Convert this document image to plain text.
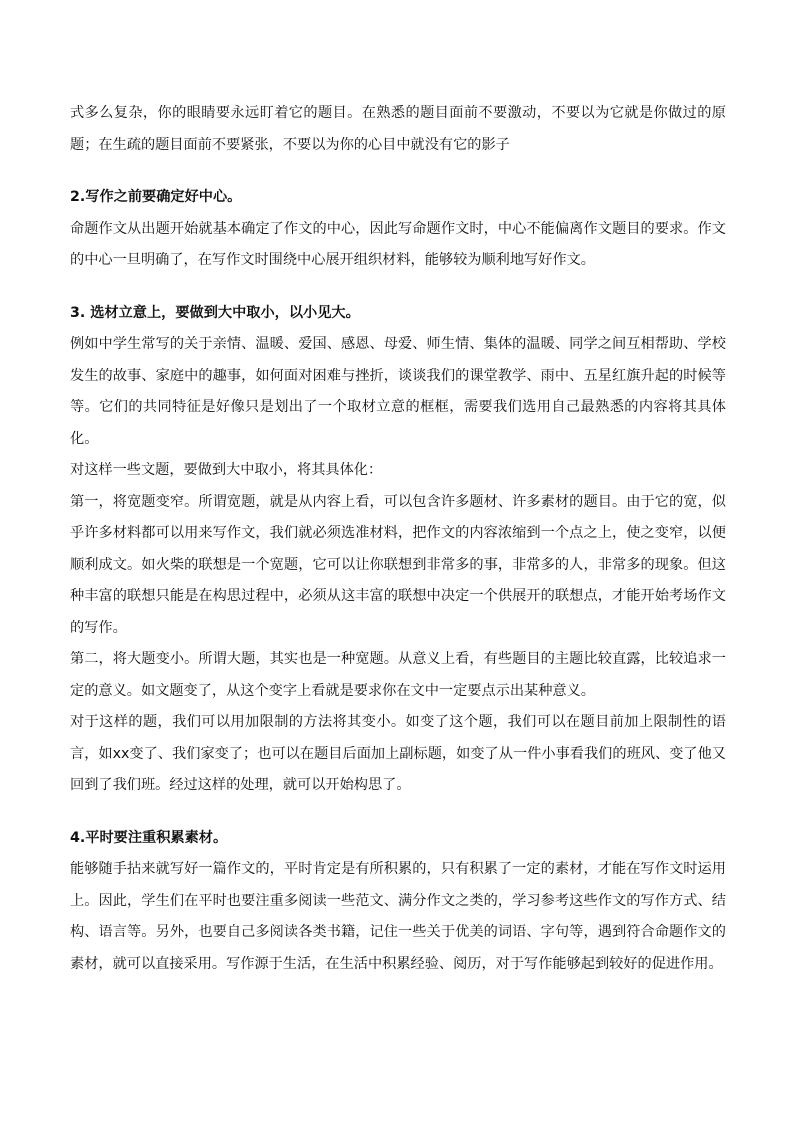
式多么复杂，你的眼睛要永远盯着它的题目。在熟悉的题目面前不要激动，不要以为它就是你做过的原题；在生疏的题目面前不要紧张，不要以为你的心目中就没有它的影子

2.写作之前要确定好中心。

命题作文从出题开始就基本确定了作文的中心，因此写命题作文时，中心不能偏离作文题目的要求。作文的中心一旦明确了，在写作文时围绕中心展开组织材料，能够较为顺利地写好作文。

3. 选材立意上，要做到大中取小，以小见大。

例如中学生常写的关于亲情、温暖、爱国、感恩、母爱、师生情、集体的温暖、同学之间互相帮助、学校发生的故事、家庭中的趣事，如何面对困难与挫折，谈谈我们的课堂教学、雨中、五星红旗升起的时候等等。它们的共同特征是好像只是划出了一个取材立意的框框，需要我们选用自己最熟悉的内容将其具体化。

对这样一些文题，要做到大中取小，将其具体化：

第一，将宽题变窄。所谓宽题，就是从内容上看，可以包含许多题材、许多素材的题目。由于它的宽，似乎许多材料都可以用来写作文，我们就必须选准材料，把作文的内容浓缩到一个点之上，使之变窄，以便顺利成文。如火柴的联想是一个宽题，它可以让你联想到非常多的事，非常多的人，非常多的现象。但这种丰富的联想只能是在构思过程中，必须从这丰富的联想中决定一个供展开的联想点，才能开始考场作文的写作。

第二，将大题变小。所谓大题，其实也是一种宽题。从意义上看，有些题目的主题比较直露，比较追求一定的意义。如文题变了，从这个变字上看就是要求你在文中一定要点示出某种意义。

对于这样的题，我们可以用加限制的方法将其变小。如变了这个题，我们可以在题目前加上限制性的语言，如xx变了、我们家变了；也可以在题目后面加上副标题，如变了从一件小事看我们的班风、变了他又回到了我们班。经过这样的处理，就可以开始构思了。

4.平时要注重积累素材。

能够随手拈来就写好一篇作文的，平时肯定是有所积累的，只有积累了一定的素材，才能在写作文时运用上。因此，学生们在平时也要注重多阅读一些范文、满分作文之类的，学习参考这些作文的写作方式、结构、语言等。另外，也要自己多阅读各类书籍，记住一些关于优美的词语、字句等，遇到符合命题作文的素材，就可以直接采用。写作源于生活，在生活中积累经验、阅历，对于写作能够起到较好的促进作用。
